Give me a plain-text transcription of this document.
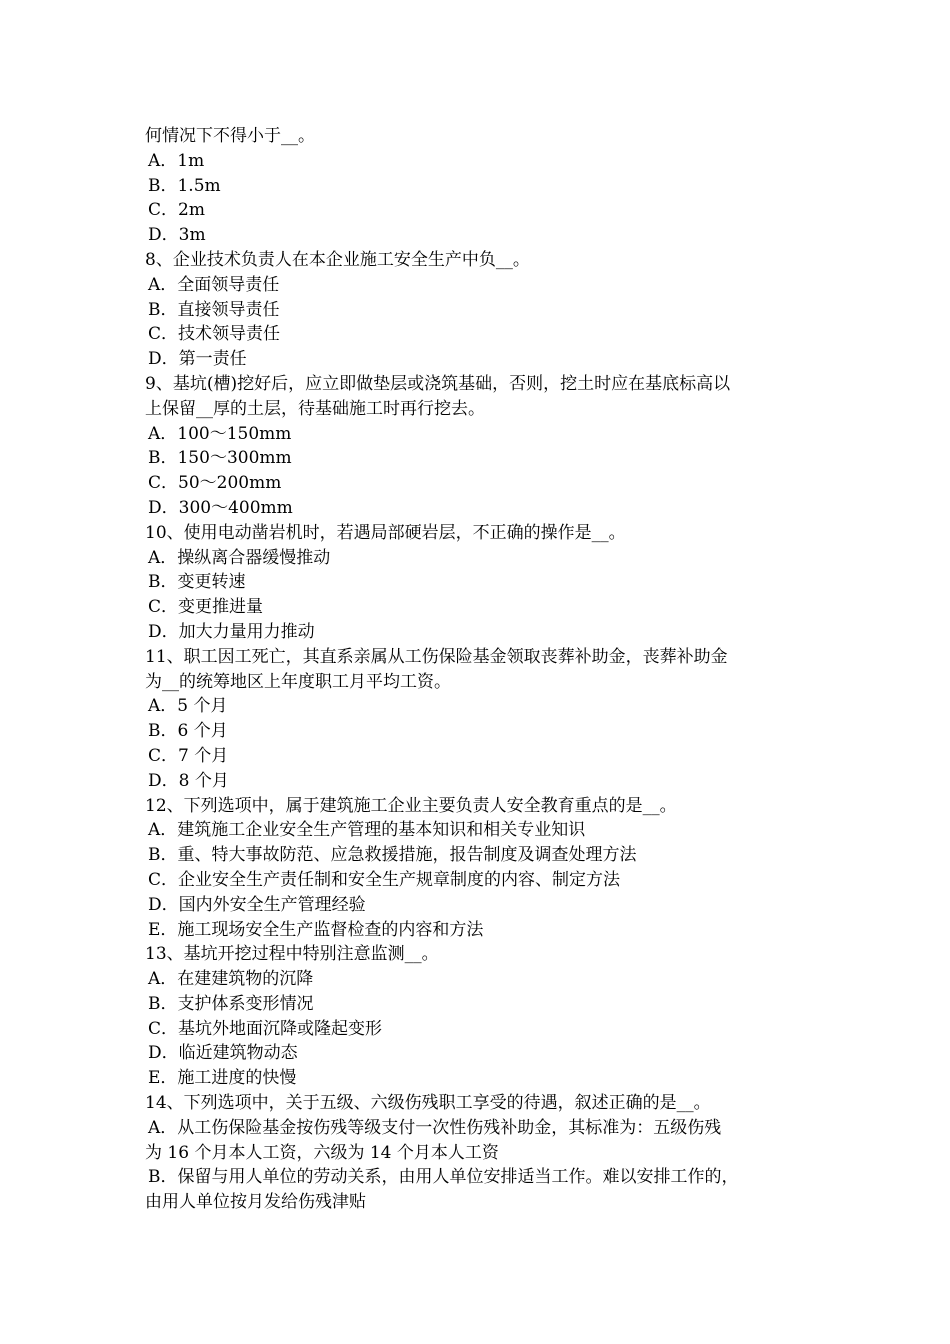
何情况下不得小于__。
A．1m
B．1.5m
C．2m
D．3m
8、企业技术负责人在本企业施工安全生产中负__。
A．全面领导责任
B．直接领导责任
C．技术领导责任
D．第一责任
9、基坑(槽)挖好后，应立即做垫层或浇筑基础，否则，挖土时应在基底标高以
上保留__厚的土层，待基础施工时再行挖去。
A．100～150mm
B．150～300mm
C．50～200mm
D．300～400mm
10、使用电动凿岩机时，若遇局部硬岩层，不正确的操作是__。
A．操纵离合器缓慢推动
B．变更转速
C．变更推进量
D．加大力量用力推动
11、职工因工死亡，其直系亲属从工伤保险基金领取丧葬补助金，丧葬补助金
为__的统筹地区上年度职工月平均工资。
A．5 个月
B．6 个月
C．7 个月
D．8 个月
12、下列选项中，属于建筑施工企业主要负责人安全教育重点的是__。
A．建筑施工企业安全生产管理的基本知识和相关专业知识
B．重、特大事故防范、应急救援措施，报告制度及调查处理方法
C．企业安全生产责任制和安全生产规章制度的内容、制定方法
D．国内外安全生产管理经验
E．施工现场安全生产监督检查的内容和方法
13、基坑开挖过程中特别注意监测__。
A．在建建筑物的沉降
B．支护体系变形情况
C．基坑外地面沉降或隆起变形
D．临近建筑物动态
E．施工进度的快慢
14、下列选项中，关于五级、六级伤残职工享受的待遇，叙述正确的是__。
A．从工伤保险基金按伤残等级支付一次性伤残补助金，其标准为：五级伤残
为 16 个月本人工资，六级为 14 个月本人工资
B．保留与用人单位的劳动关系，由用人单位安排适当工作。难以安排工作的，
由用人单位按月发给伤残津贴
